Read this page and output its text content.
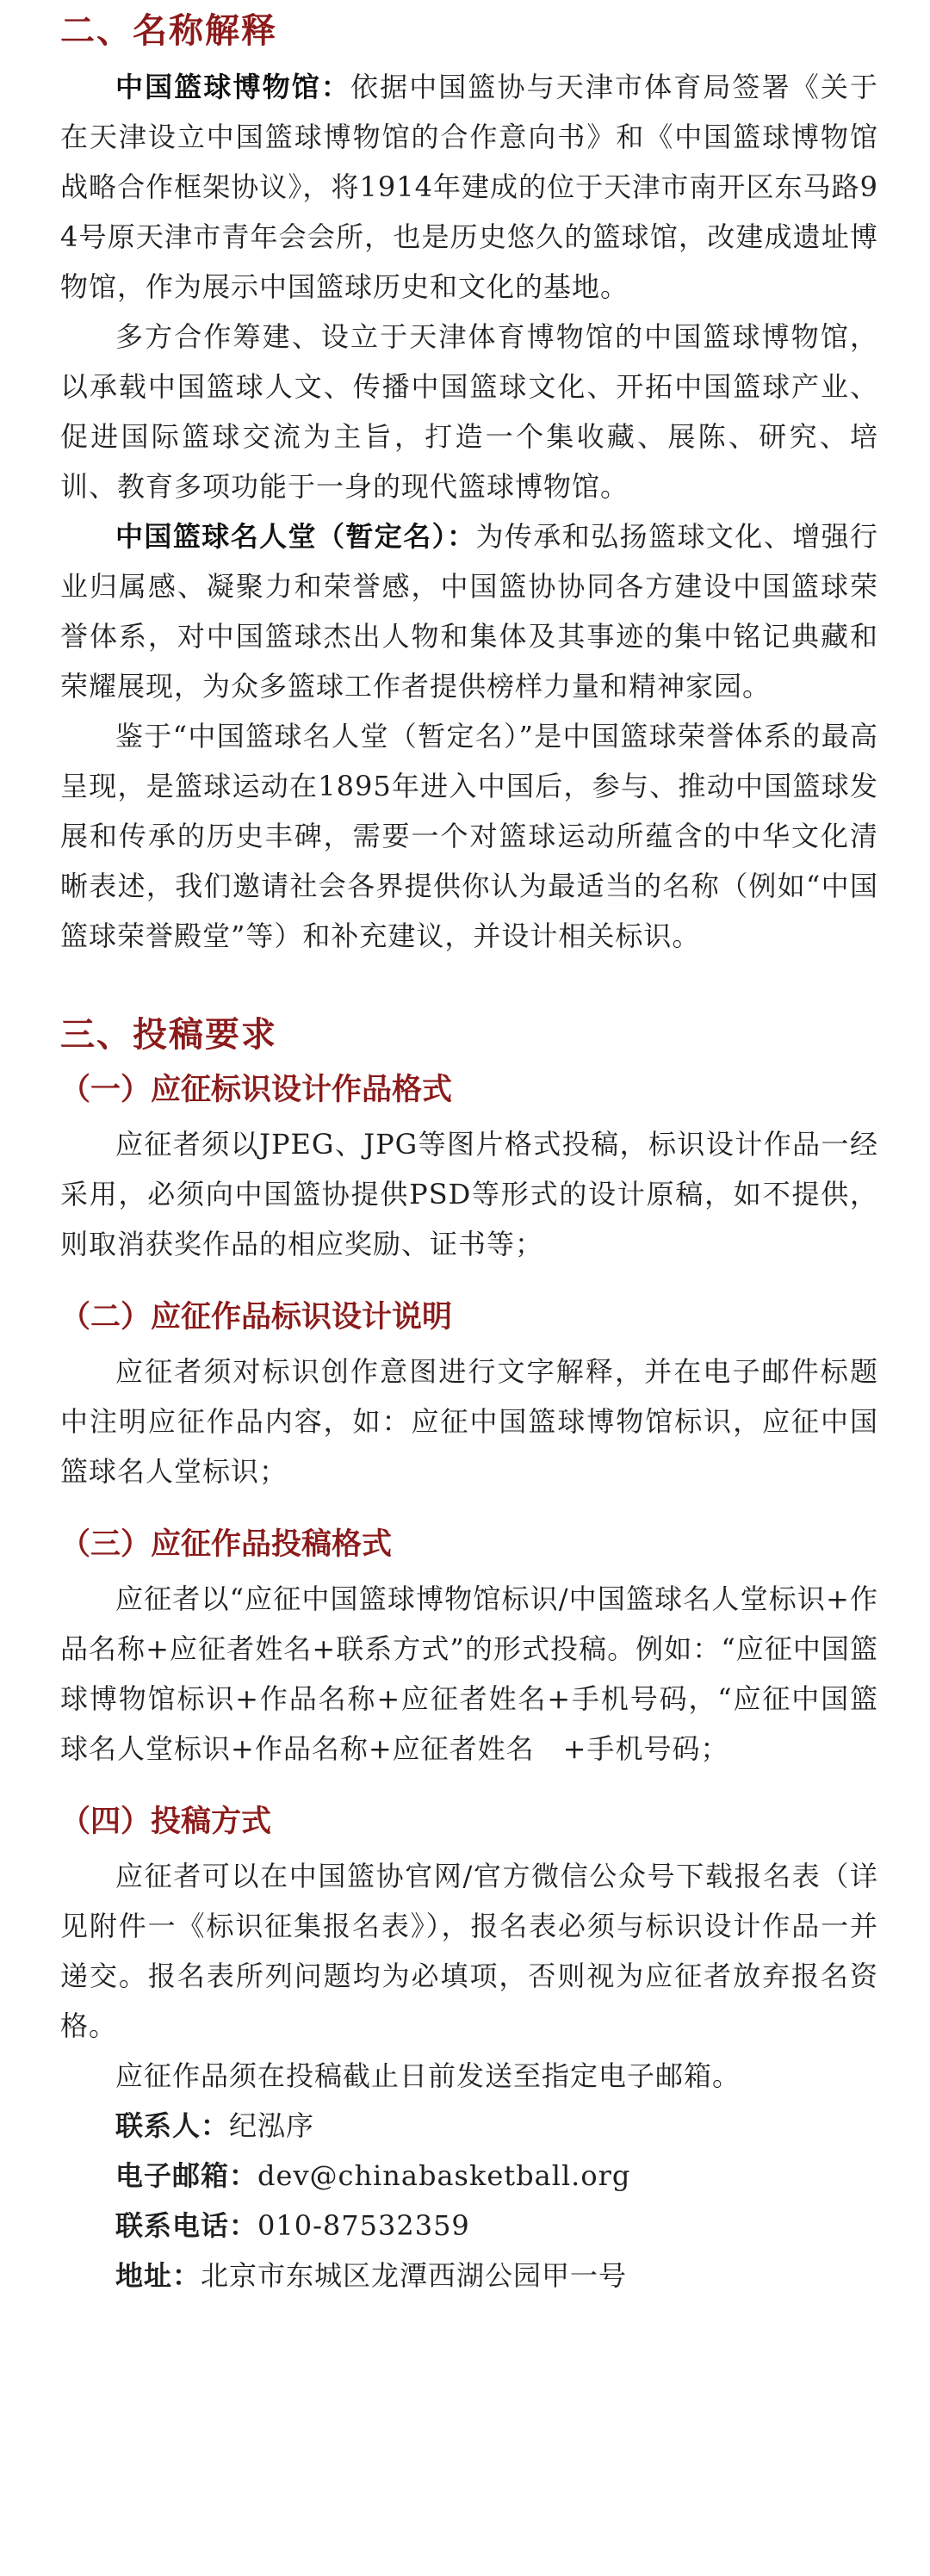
二、名称解释

中国篮球博物馆：依据中国篮协与天津市体育局签署《关于在天津设立中国篮球博物馆的合作意向书》和《中国篮球博物馆战略合作框架协议》，将1914年建成的位于天津市南开区东马路94号原天津市青年会会所，也是历史悠久的篮球馆，改建成遗址博物馆，作为展示中国篮球历史和文化的基地。

多方合作筹建、设立于天津体育博物馆的中国篮球博物馆，以承载中国篮球人文、传播中国篮球文化、开拓中国篮球产业、促进国际篮球交流为主旨，打造一个集收藏、展陈、研究、培训、教育多项功能于一身的现代篮球博物馆。

中国篮球名人堂（暂定名）：为传承和弘扬篮球文化、增强行业归属感、凝聚力和荣誉感，中国篮协协同各方建设中国篮球荣誉体系，对中国篮球杰出人物和集体及其事迹的集中铭记典藏和荣耀展现，为众多篮球工作者提供榜样力量和精神家园。

鉴于“中国篮球名人堂（暂定名）”是中国篮球荣誉体系的最高呈现，是篮球运动在1895年进入中国后，参与、推动中国篮球发展和传承的历史丰碑，需要一个对篮球运动所蕴含的中华文化清晰表述，我们邀请社会各界提供你认为最适当的名称（例如“中国篮球荣誉殿堂”等）和补充建议，并设计相关标识。

三、投稿要求
（一）应征标识设计作品格式

应征者须以JPEG、JPG等图片格式投稿，标识设计作品一经采用，必须向中国篮协提供PSD等形式的设计原稿，如不提供，则取消获奖作品的相应奖励、证书等；

（二）应征作品标识设计说明

应征者须对标识创作意图进行文字解释，并在电子邮件标题中注明应征作品内容，如：应征中国篮球博物馆标识，应征中国篮球名人堂标识；

（三）应征作品投稿格式

应征者以“应征中国篮球博物馆标识/中国篮球名人堂标识+作品名称+应征者姓名+联系方式”的形式投稿。例如：“应征中国篮球博物馆标识+作品名称+应征者姓名+手机号码，“应征中国篮球名人堂标识+作品名称+应征者姓名　+手机号码；

（四）投稿方式

应征者可以在中国篮协官网/官方微信公众号下载报名表（详见附件一《标识征集报名表》），报名表必须与标识设计作品一并递交。报名表所列问题均为必填项，否则视为应征者放弃报名资格。

应征作品须在投稿截止日前发送至指定电子邮箱。

联系人：纪泓序

电子邮箱：dev@chinabasketball.org

联系电话：010-87532359

地址：北京市东城区龙潭西湖公园甲一号
